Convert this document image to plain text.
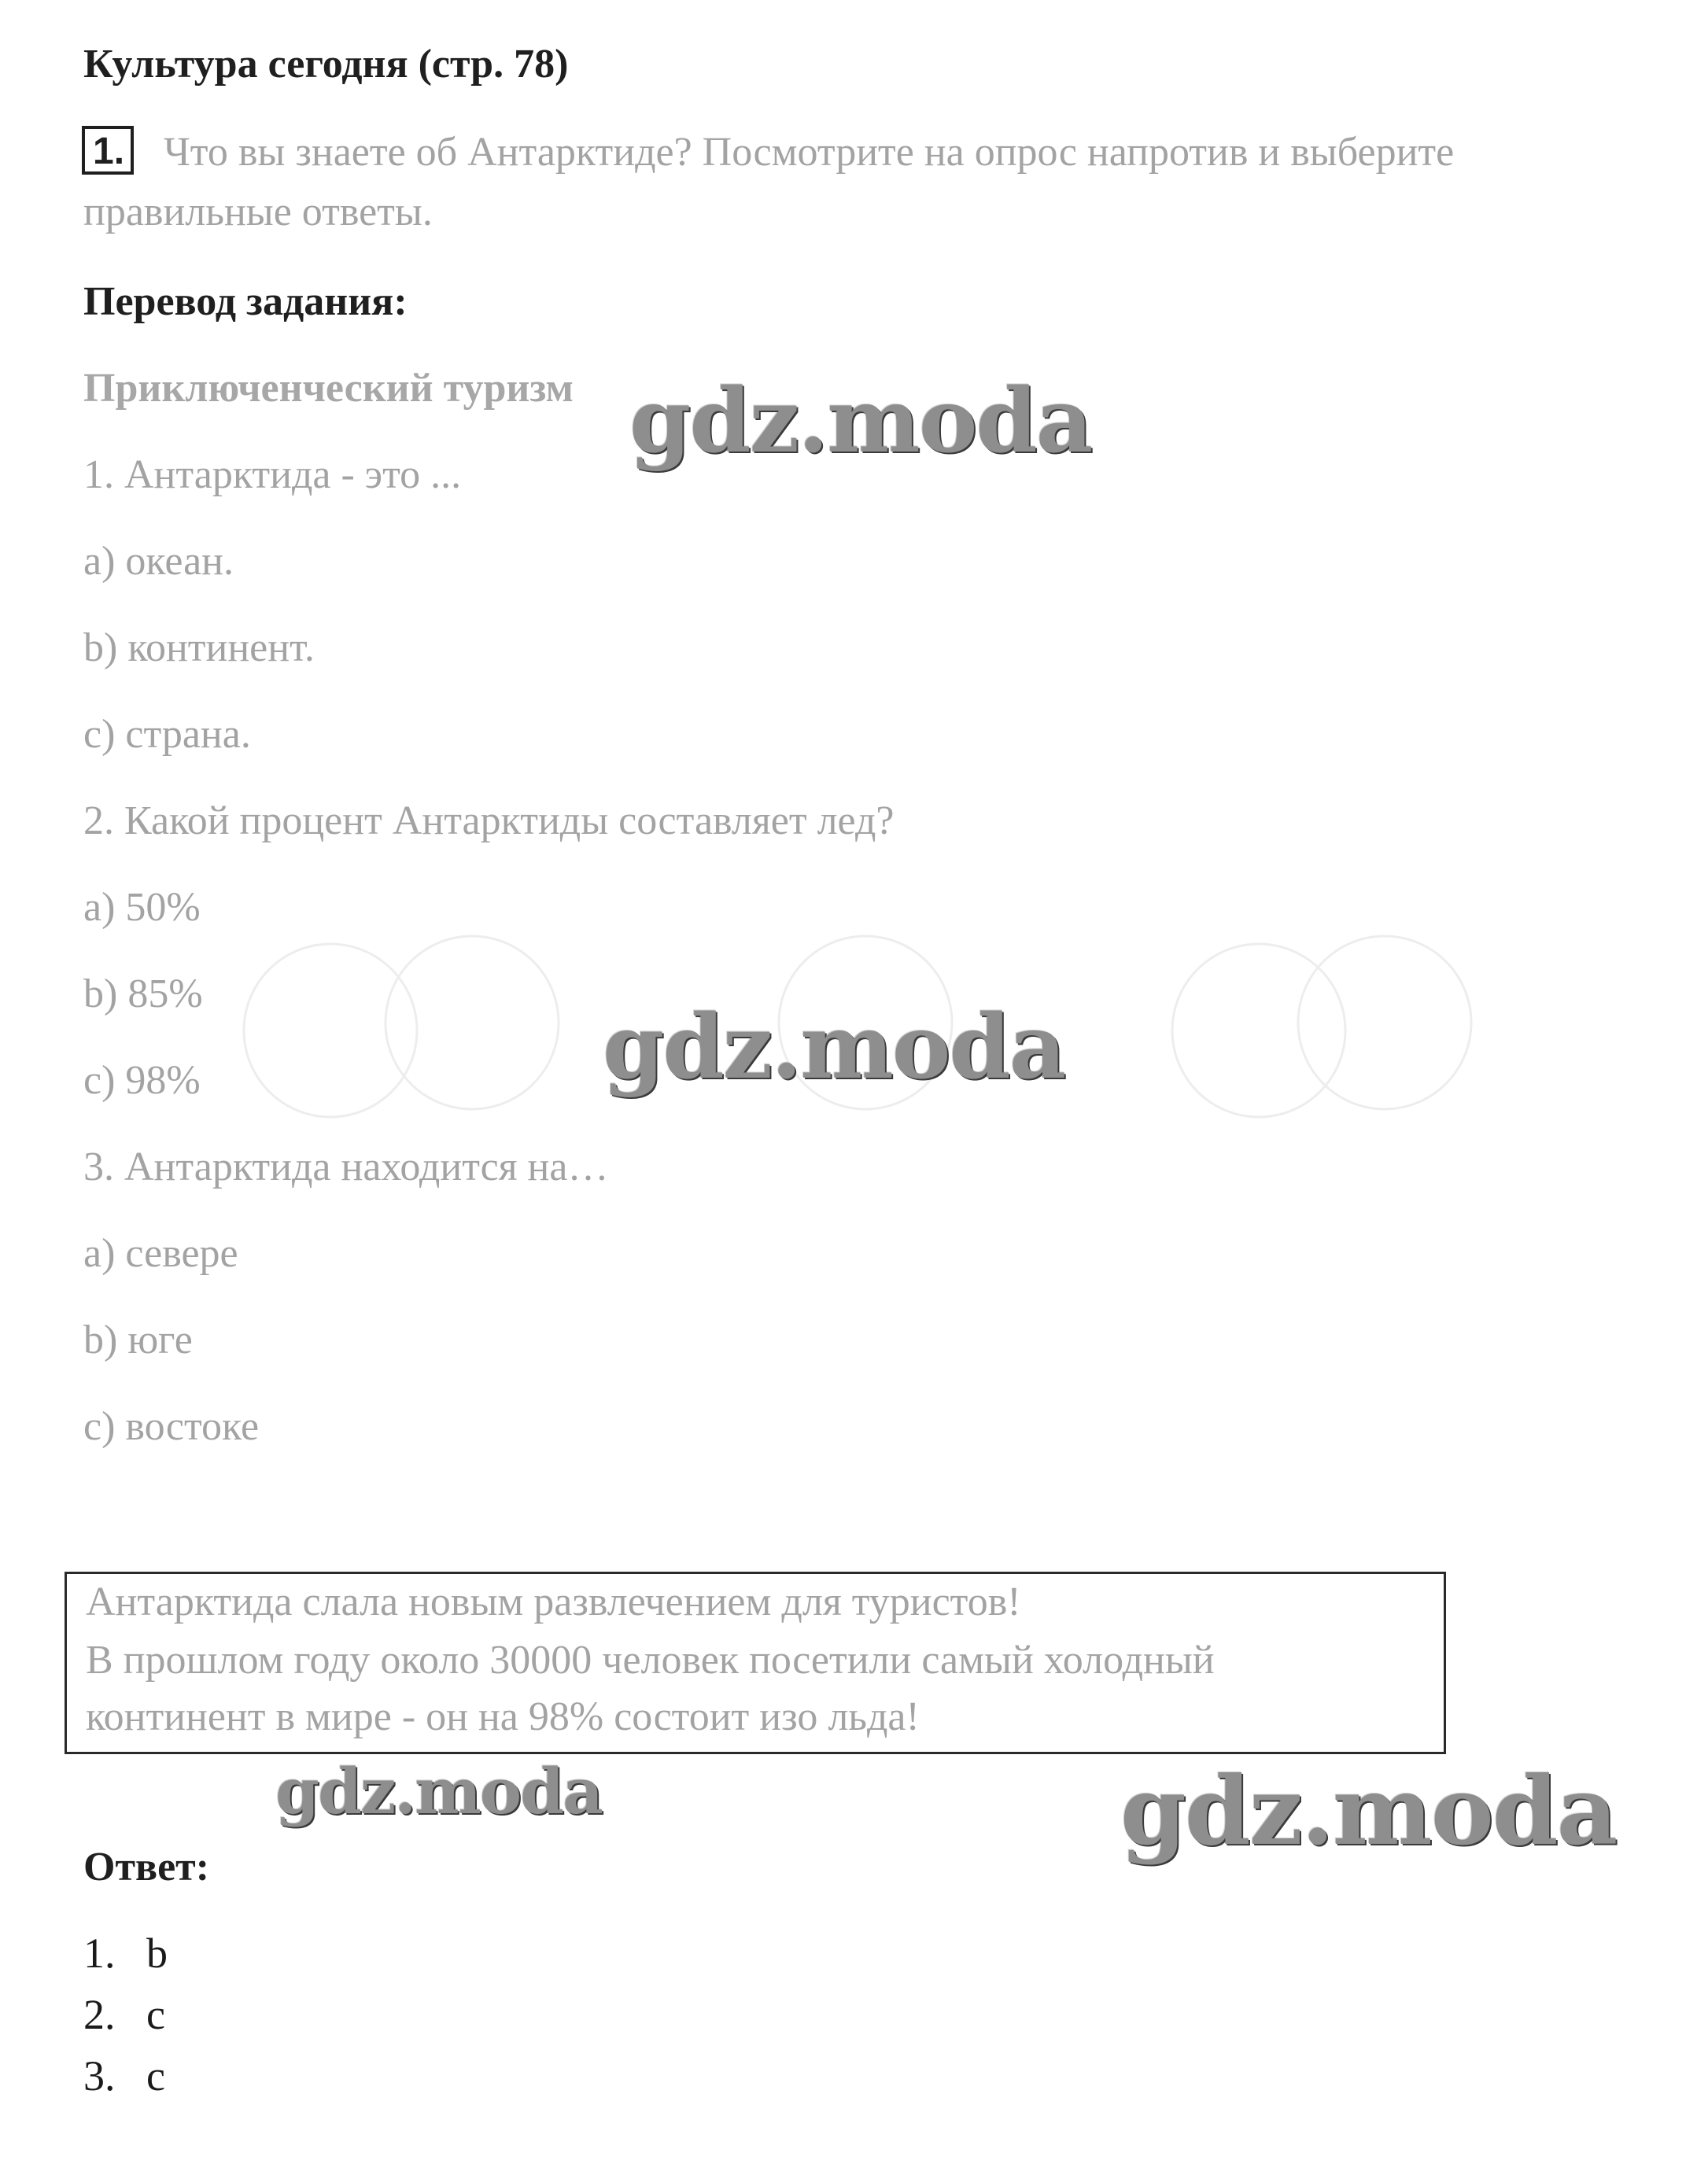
Культура сегодня (стр. 78)
1. Что вы знаете об Антарктиде? Посмотрите на опрос напротив и выберите
правильные ответы.
Перевод задания:
Приключенческий туризм
1. Антарктида - это ...
a) океан.
b) континент.
c) страна.
2. Какой процент Антарктиды составляет лед?
a) 50%
b) 85%
c) 98%
3. Антарктида находится на…
a) севере
b) юге
c) востоке
Антарктида слала новым развлечением для туристов!
В прошлом году около 30000 человек посетили самый холодный
континент в мире - он на 98% состоит изо льда!
Ответ:
1. b
2. c
3. c
gdz.moda
gdz.moda
gdz.moda	gdz.moda
